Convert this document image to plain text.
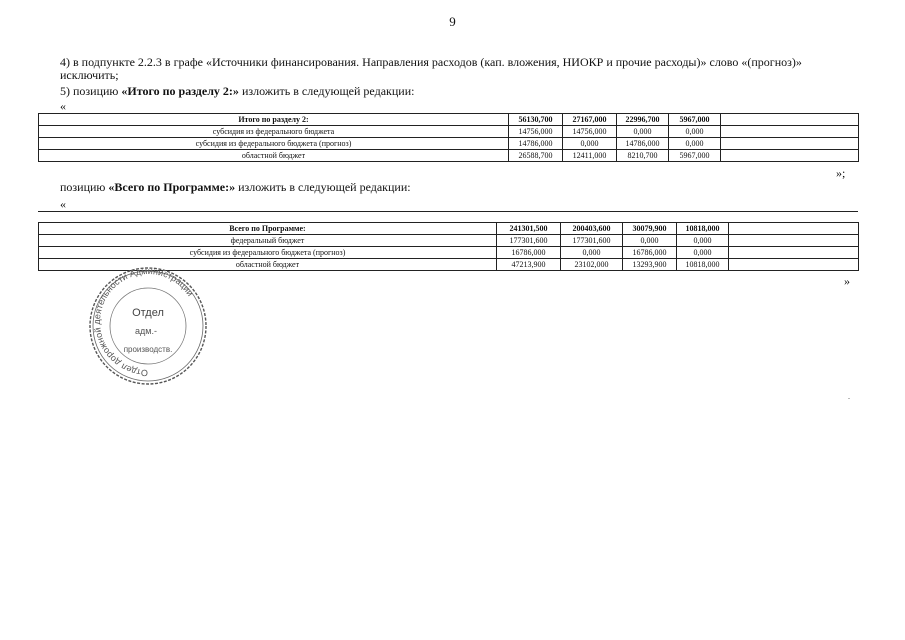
9
4) в подпункте 2.2.3 в графе «Источники финансирования. Направления расходов (кап. вложения, НИОКР и прочие расходы)» слово «(прогноз)»
исключить;
5) позицию «Итого по разделу 2:» изложить в следующей редакции:
«
Итого по разделу 2:	56130,700	27167,000	22996,700	5967,000	
субсидия из федерального бюджета	14756,000	14756,000	0,000	0,000	
субсидия из федерального бюджета (прогноз)	14786,000	0,000	14786,000	0,000	
областной бюджет	26588,700	12411,000	8210,700	5967,000	
»;
позицию «Всего по Программе:» изложить в следующей редакции:
«
Всего по Программе:	241301,500	200403,600	30079,900	10818,000	
федеральный бюджет	177301,600	177301,600	0,000	0,000	
субсидия из федерального бюджета (прогноз)	16786,000	0,000	16786,000	0,000	
областной бюджет	47213,900	23102,000	13293,900	10818,000	
»
Отдел дорожной деятельности Администрации
Отдел
адм.-
производств.
